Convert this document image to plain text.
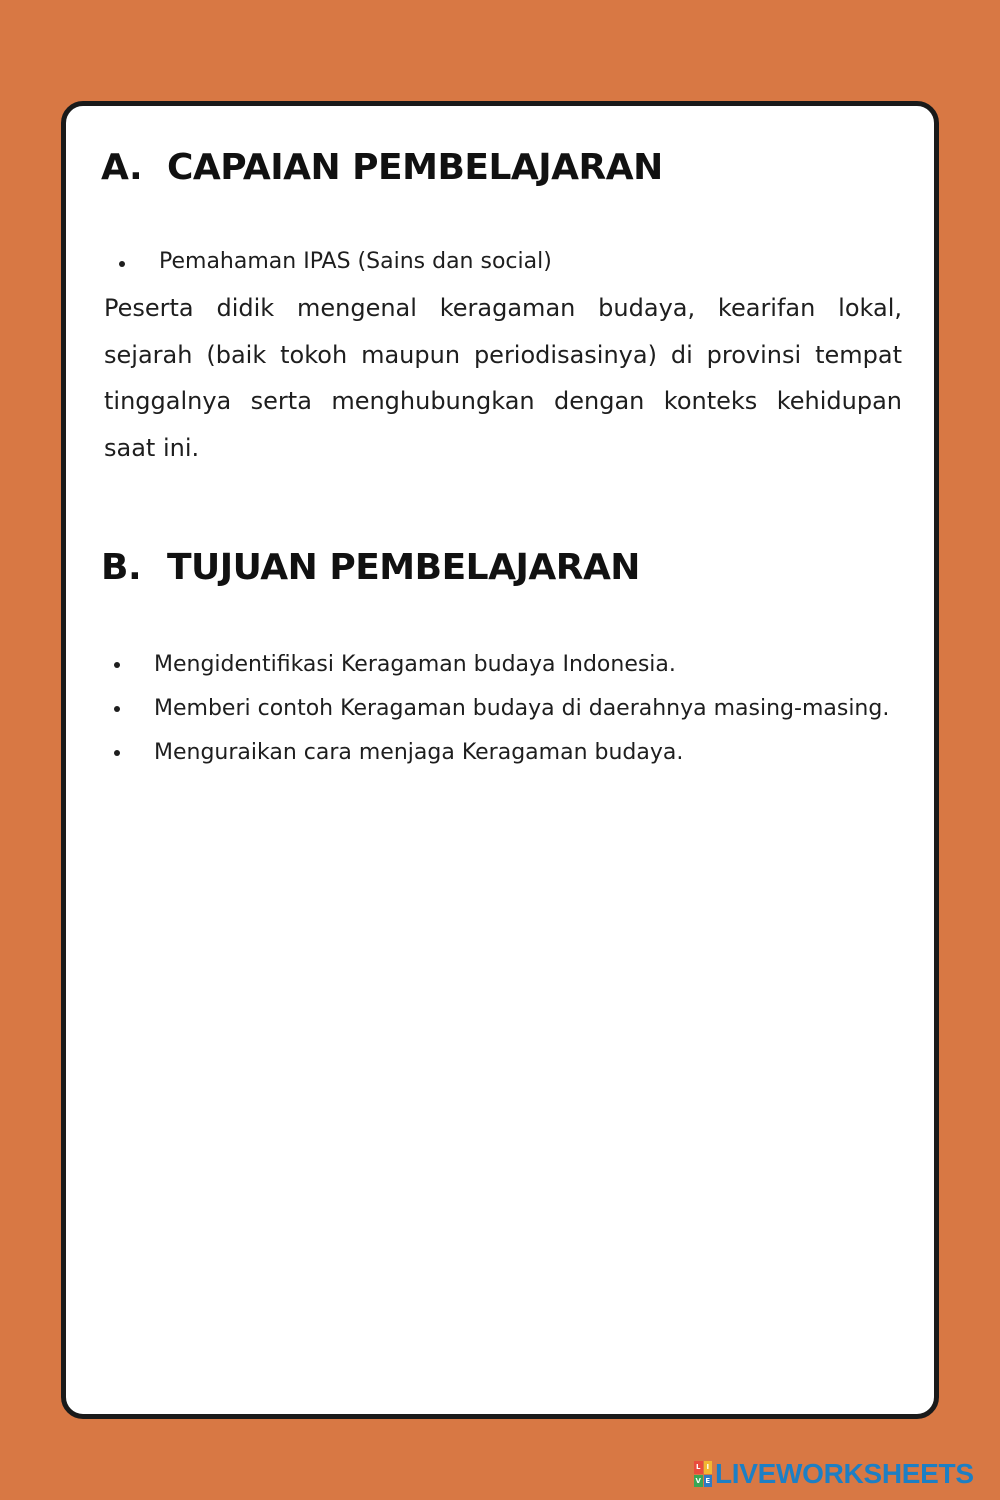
A. CAPAIAN PEMBELAJARAN
Pemahaman IPAS (Sains dan social)

Peserta didik mengenal keragaman budaya, kearifan lokal, sejarah (baik tokoh maupun periodisasinya) di provinsi tempat tinggalnya serta menghubungkan dengan konteks kehidupan saat ini.

B. TUJUAN PEMBELAJARAN
Mengidentifikasi Keragaman budaya Indonesia.
Memberi contoh Keragaman budaya di daerahnya masing-masing.
Menguraikan cara menjaga Keragaman budaya.
L I
V E LIVEWORKSHEETS
